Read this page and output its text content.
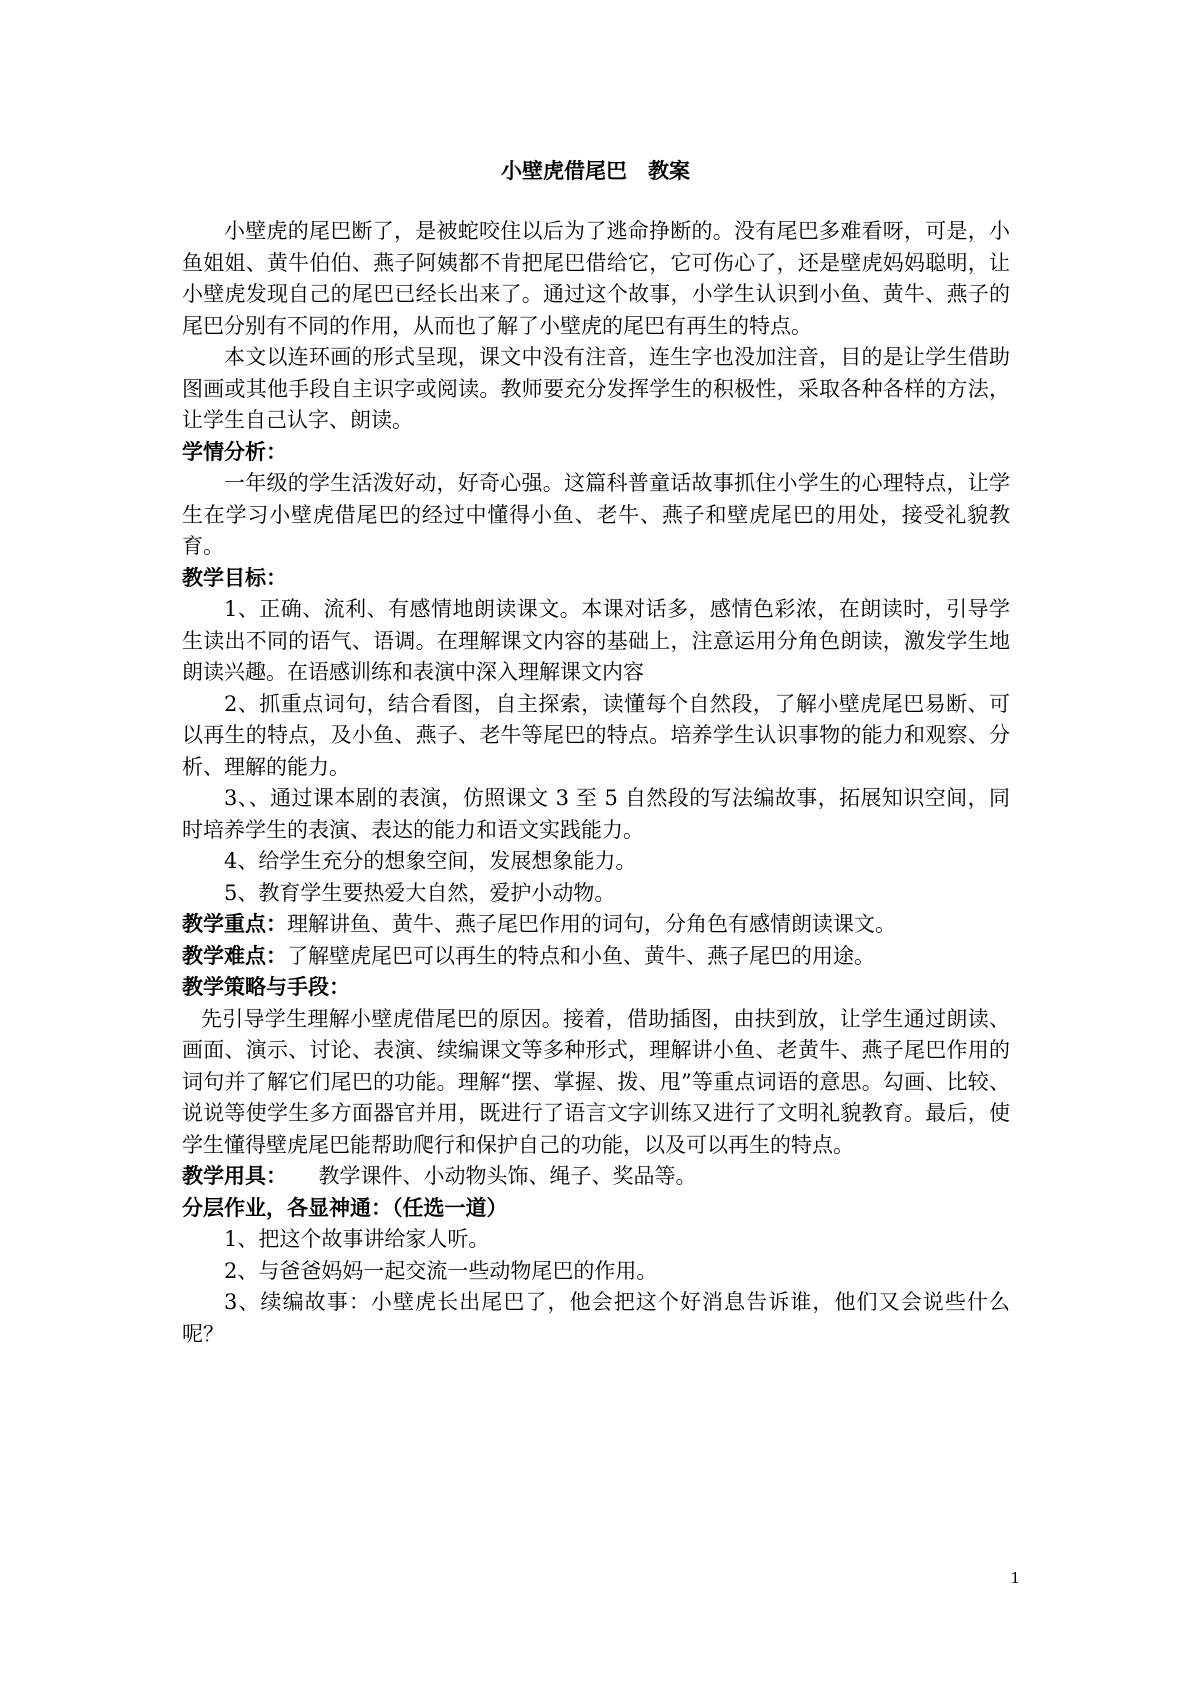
小壁虎借尾巴　教案

小壁虎的尾巴断了，是被蛇咬住以后为了逃命挣断的。没有尾巴多难看呀，可是，小鱼姐姐、黄牛伯伯、燕子阿姨都不肯把尾巴借给它，它可伤心了，还是壁虎妈妈聪明，让小壁虎发现自己的尾巴已经长出来了。通过这个故事，小学生认识到小鱼、黄牛、燕子的尾巴分别有不同的作用，从而也了解了小壁虎的尾巴有再生的特点。

本文以连环画的形式呈现，课文中没有注音，连生字也没加注音，目的是让学生借助图画或其他手段自主识字或阅读。教师要充分发挥学生的积极性，采取各种各样的方法，让学生自己认字、朗读。

学情分析：

一年级的学生活泼好动，好奇心强。这篇科普童话故事抓住小学生的心理特点，让学生在学习小壁虎借尾巴的经过中懂得小鱼、老牛、燕子和壁虎尾巴的用处，接受礼貌教育。

教学目标：

1、正确、流利、有感情地朗读课文。本课对话多，感情色彩浓，在朗读时，引导学生读出不同的语气、语调。在理解课文内容的基础上，注意运用分角色朗读，激发学生地朗读兴趣。在语感训练和表演中深入理解课文内容

2、抓重点词句，结合看图，自主探索，读懂每个自然段，了解小壁虎尾巴易断、可以再生的特点，及小鱼、燕子、老牛等尾巴的特点。培养学生认识事物的能力和观察、分析、理解的能力。

3、、通过课本剧的表演，仿照课文 3 至 5 自然段的写法编故事，拓展知识空间，同时培养学生的表演、表达的能力和语文实践能力。

4、给学生充分的想象空间，发展想象能力。

5、教育学生要热爱大自然，爱护小动物。

教学重点：理解讲鱼、黄牛、燕子尾巴作用的词句，分角色有感情朗读课文。

教学难点：了解壁虎尾巴可以再生的特点和小鱼、黄牛、燕子尾巴的用途。

教学策略与手段：

先引导学生理解小壁虎借尾巴的原因。接着，借助插图，由扶到放，让学生通过朗读、画面、演示、讨论、表演、续编课文等多种形式，理解讲小鱼、老黄牛、燕子尾巴作用的词句并了解它们尾巴的功能。理解“摆、掌握、拨、甩”等重点词语的意思。勾画、比较、说说等使学生多方面器官并用，既进行了语言文字训练又进行了文明礼貌教育。最后，使学生懂得壁虎尾巴能帮助爬行和保护自己的功能，以及可以再生的特点。

教学用具：　　教学课件、小动物头饰、绳子、奖品等。

分层作业，各显神通：（任选一道）

1、把这个故事讲给家人听。

2、与爸爸妈妈一起交流一些动物尾巴的作用。

3、续编故事：小壁虎长出尾巴了，他会把这个好消息告诉谁，他们又会说些什么呢？

1
